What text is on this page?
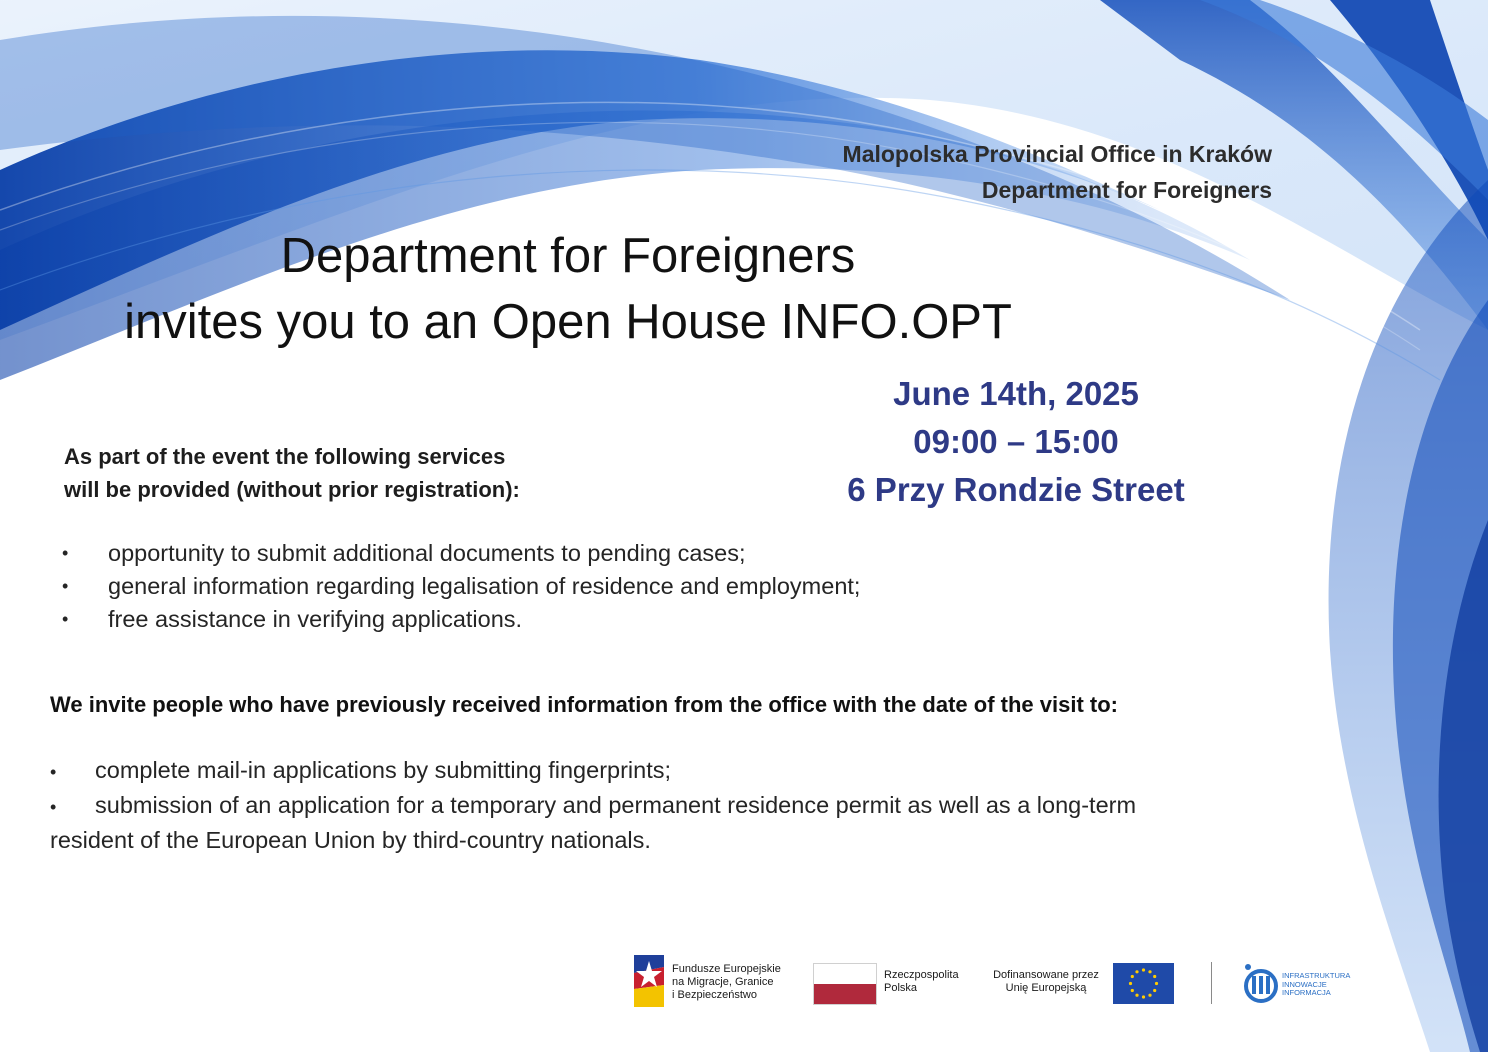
Malopolska Provincial Office in Kraków
Department for Foreigners
Department for Foreigners
invites you to an Open House INFO.OPT
June 14th, 2025
09:00 – 15:00
6 Przy Rondzie Street
As part of the event the following services
will be provided (without prior registration):
•	opportunity to submit additional documents to pending cases;
•	general information regarding legalisation of residence and employment;
•	free assistance in verifying applications.
We invite people who have previously received information from the office with the date of the visit to:
• complete mail-in applications by submitting fingerprints;
• submission of an application for a temporary and permanent residence permit as well as a long-term
resident of the European Union by third-country nationals.
Fundusze Europejskie
na Migracje, Granice
i Bezpieczeństwo
Rzeczpospolita
Polska
Dofinansowane przez
Unię Europejską
INFRASTRUKTURA
INNOWACJE
INFORMACJA
